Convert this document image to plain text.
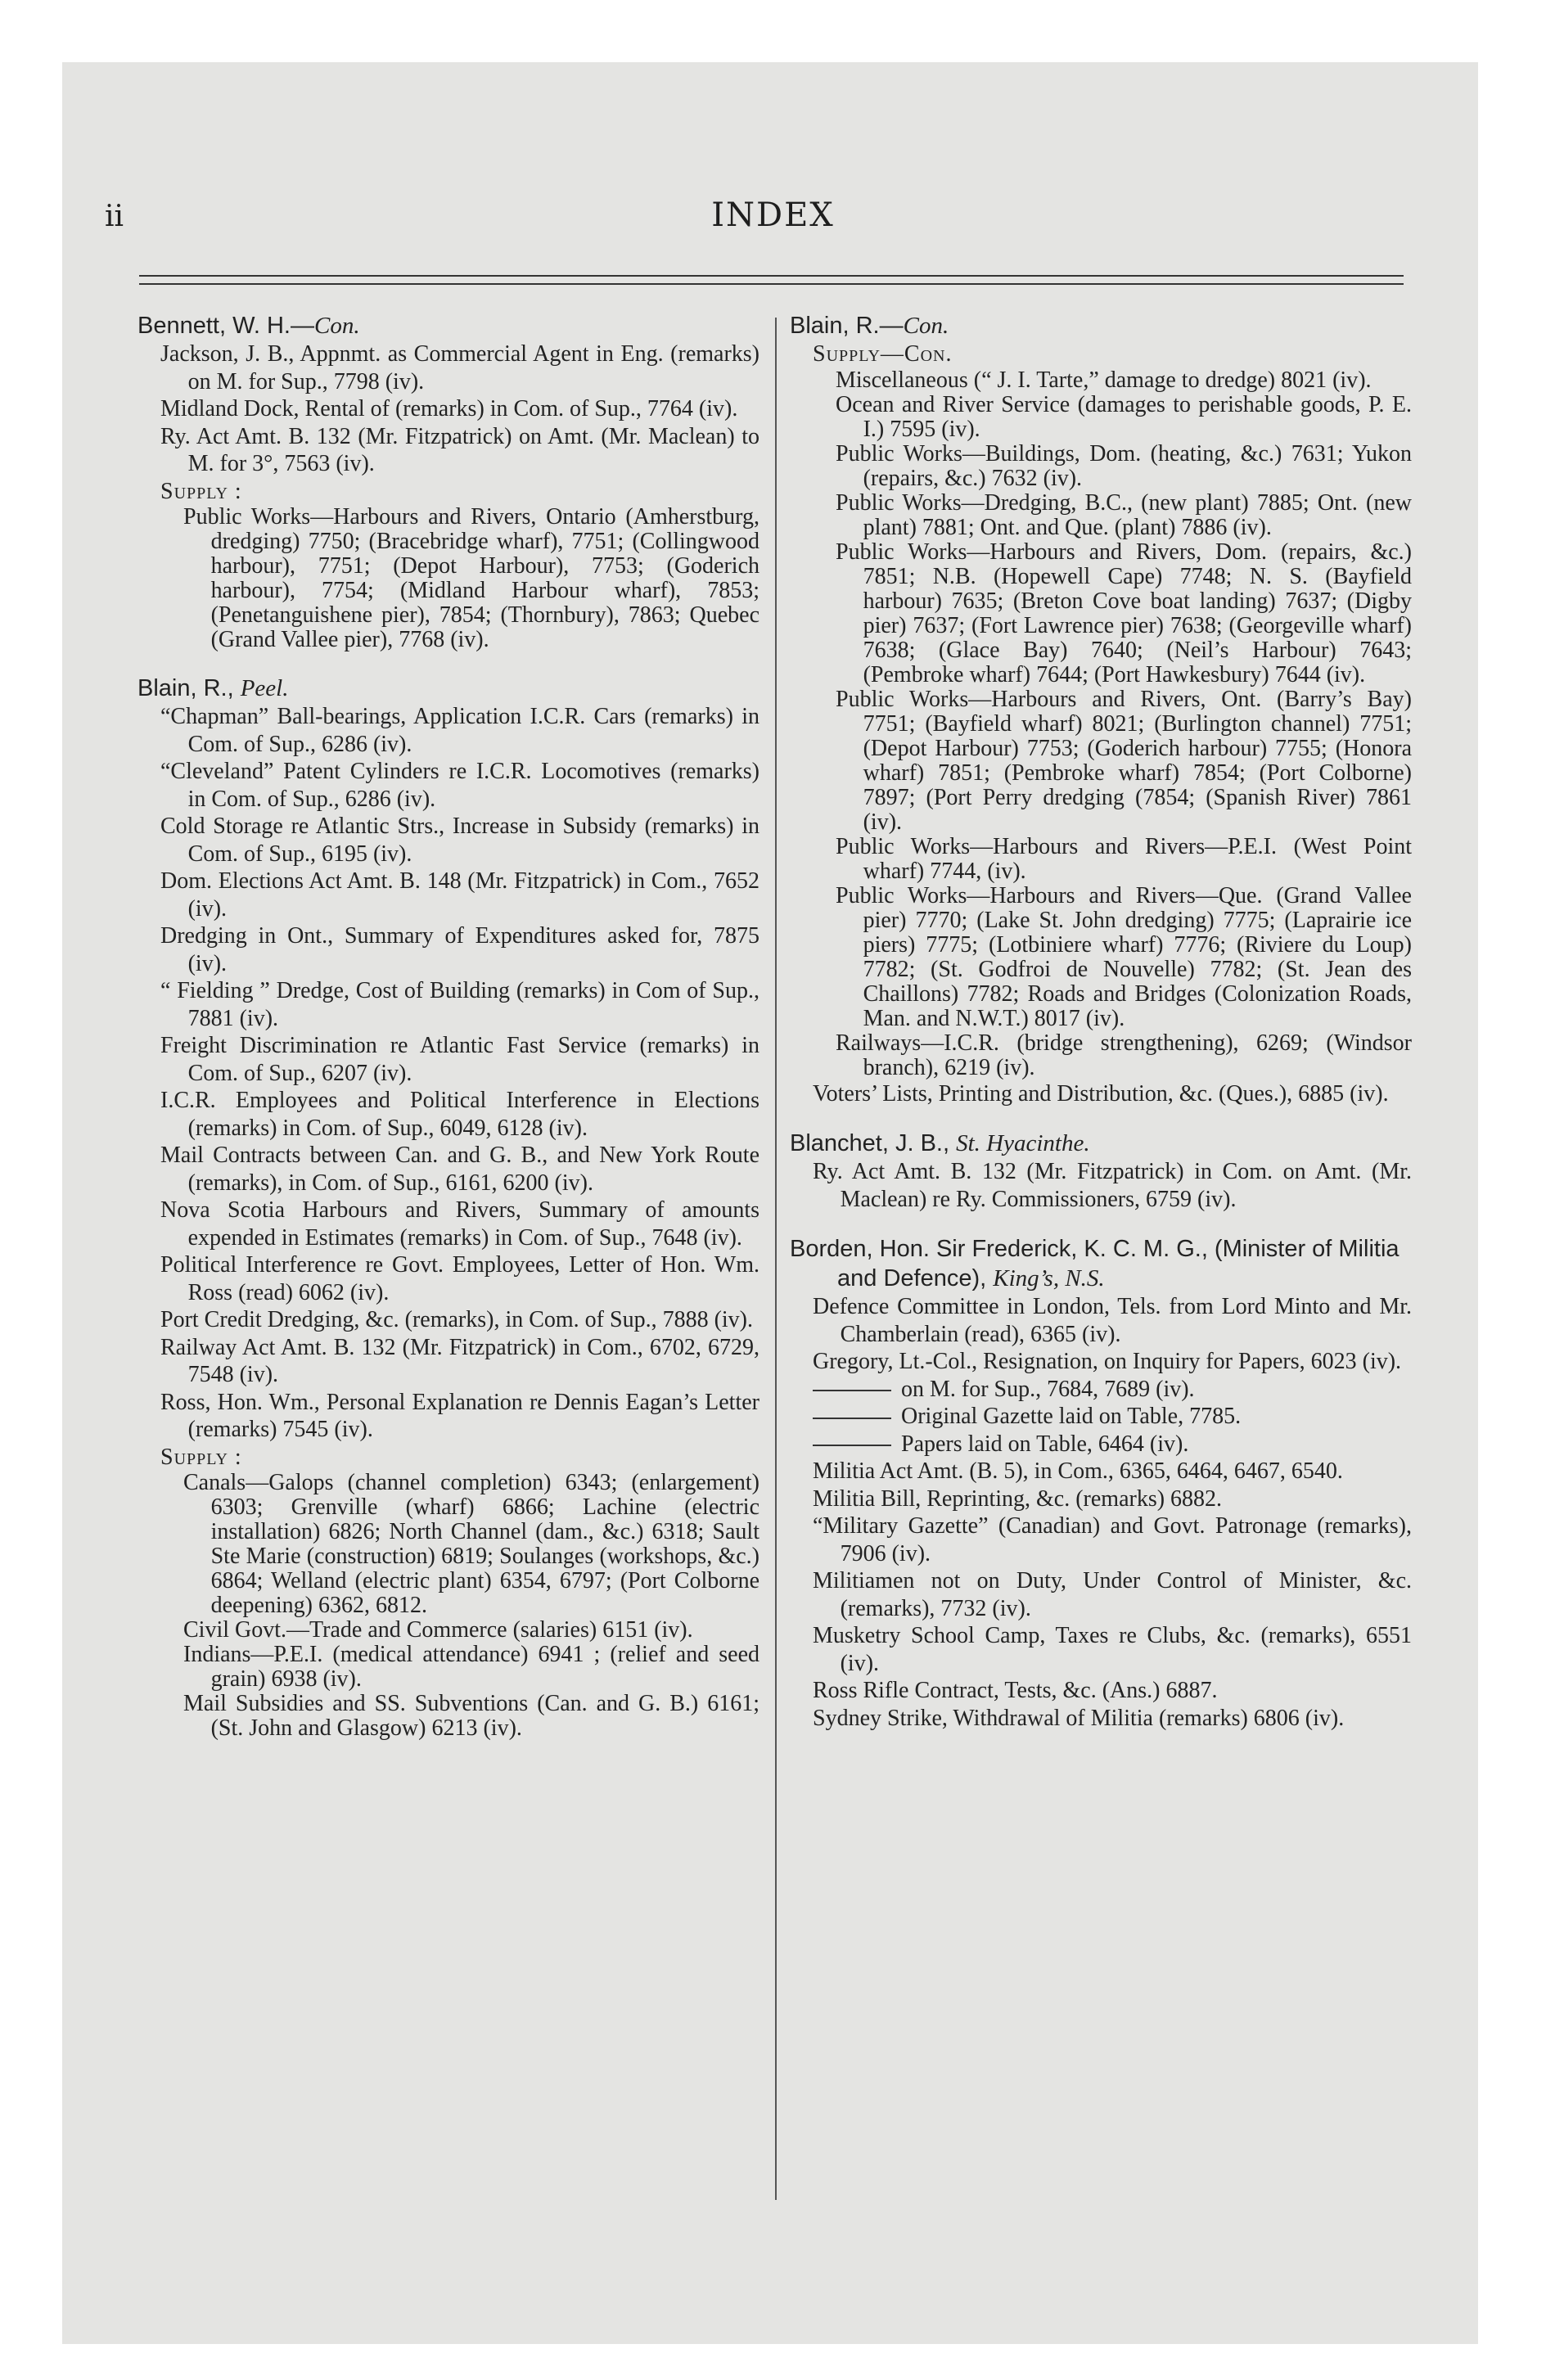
ii	INDEX
Bennett, W. H.—Con.
Jackson, J. B., Appnmt. as Commercial Agent in Eng. (remarks) on M. for Sup., 7798 (iv).
Midland Dock, Rental of (remarks) in Com. of Sup., 7764 (iv).
Ry. Act Amt. B. 132 (Mr. Fitzpatrick) on Amt. (Mr. Maclean) to M. for 3°, 7563 (iv).
Supply :
Public Works—Harbours and Rivers, Ontario (Amherstburg, dredging) 7750; (Bracebridge wharf), 7751; (Collingwood harbour), 7751; (Depot Harbour), 7753; (Goderich harbour), 7754; (Midland Harbour wharf), 7853; (Penetanguishene pier), 7854; (Thornbury), 7863; Quebec (Grand Vallee pier), 7768 (iv).
Blain, R., Peel.
“Chapman” Ball-bearings, Application I.C.R. Cars (remarks) in Com. of Sup., 6286 (iv).
“Cleveland” Patent Cylinders re I.C.R. Locomotives (remarks) in Com. of Sup., 6286 (iv).
Cold Storage re Atlantic Strs., Increase in Subsidy (remarks) in Com. of Sup., 6195 (iv).
Dom. Elections Act Amt. B. 148 (Mr. Fitzpatrick) in Com., 7652 (iv).
Dredging in Ont., Summary of Expenditures asked for, 7875 (iv).
“ Fielding ” Dredge, Cost of Building (remarks) in Com of Sup., 7881 (iv).
Freight Discrimination re Atlantic Fast Service (remarks) in Com. of Sup., 6207 (iv).
I.C.R. Employees and Political Interference in Elections (remarks) in Com. of Sup., 6049, 6128 (iv).
Mail Contracts between Can. and G. B., and New York Route (remarks), in Com. of Sup., 6161, 6200 (iv).
Nova Scotia Harbours and Rivers, Summary of amounts expended in Estimates (remarks) in Com. of Sup., 7648 (iv).
Political Interference re Govt. Employees, Letter of Hon. Wm. Ross (read) 6062 (iv).
Port Credit Dredging, &c. (remarks), in Com. of Sup., 7888 (iv).
Railway Act Amt. B. 132 (Mr. Fitzpatrick) in Com., 6702, 6729, 7548 (iv).
Ross, Hon. Wm., Personal Explanation re Dennis Eagan’s Letter (remarks) 7545 (iv).
Supply :
Canals—Galops (channel completion) 6343; (enlargement) 6303; Grenville (wharf) 6866; Lachine (electric installation) 6826; North Channel (dam., &c.) 6318; Sault Ste Marie (construction) 6819; Soulanges (workshops, &c.) 6864; Welland (electric plant) 6354, 6797; (Port Colborne deepening) 6362, 6812.
Civil Govt.—Trade and Commerce (salaries) 6151 (iv).
Indians—P.E.I. (medical attendance) 6941 ; (relief and seed grain) 6938 (iv).
Mail Subsidies and SS. Subventions (Can. and G. B.) 6161; (St. John and Glasgow) 6213 (iv).
Blain, R.—Con.
Supply—Con.
Miscellaneous (“ J. I. Tarte,” damage to dredge) 8021 (iv).
Ocean and River Service (damages to perishable goods, P. E. I.) 7595 (iv).
Public Works—Buildings, Dom. (heating, &c.) 7631; Yukon (repairs, &c.) 7632 (iv).
Public Works—Dredging, B.C., (new plant) 7885; Ont. (new plant) 7881; Ont. and Que. (plant) 7886 (iv).
Public Works—Harbours and Rivers, Dom. (repairs, &c.) 7851; N.B. (Hopewell Cape) 7748; N. S. (Bayfield harbour) 7635; (Breton Cove boat landing) 7637; (Digby pier) 7637; (Fort Lawrence pier) 7638; (Georgeville wharf) 7638; (Glace Bay) 7640; (Neil’s Harbour) 7643; (Pembroke wharf) 7644; (Port Hawkesbury) 7644 (iv).
Public Works—Harbours and Rivers, Ont. (Barry’s Bay) 7751; (Bayfield wharf) 8021; (Burlington channel) 7751; (Depot Harbour) 7753; (Goderich harbour) 7755; (Honora wharf) 7851; (Pembroke wharf) 7854; (Port Colborne) 7897; (Port Perry dredging (7854; (Spanish River) 7861 (iv).
Public Works—Harbours and Rivers—P.E.I. (West Point wharf) 7744, (iv).
Public Works—Harbours and Rivers—Que. (Grand Vallee pier) 7770; (Lake St. John dredging) 7775; (Laprairie ice piers) 7775; (Lotbiniere wharf) 7776; (Riviere du Loup) 7782; (St. Godfroi de Nouvelle) 7782; (St. Jean des Chaillons) 7782; Roads and Bridges (Colonization Roads, Man. and N.W.T.) 8017 (iv).
Railways—I.C.R. (bridge strengthening), 6269; (Windsor branch), 6219 (iv).
Voters’ Lists, Printing and Distribution, &c. (Ques.), 6885 (iv).
Blanchet, J. B., St. Hyacinthe.
Ry. Act Amt. B. 132 (Mr. Fitzpatrick) in Com. on Amt. (Mr. Maclean) re Ry. Commissioners, 6759 (iv).
Borden, Hon. Sir Frederick, K. C. M. G., (Minister of Militia and Defence), King’s, N.S.
Defence Committee in London, Tels. from Lord Minto and Mr. Chamberlain (read), 6365 (iv).
Gregory, Lt.-Col., Resignation, on Inquiry for Papers, 6023 (iv).
on M. for Sup., 7684, 7689 (iv).
Original Gazette laid on Table, 7785.
Papers laid on Table, 6464 (iv).
Militia Act Amt. (B. 5), in Com., 6365, 6464, 6467, 6540.
Militia Bill, Reprinting, &c. (remarks) 6882.
“Military Gazette” (Canadian) and Govt. Patronage (remarks), 7906 (iv).
Militiamen not on Duty, Under Control of Minister, &c. (remarks), 7732 (iv).
Musketry School Camp, Taxes re Clubs, &c. (remarks), 6551 (iv).
Ross Rifle Contract, Tests, &c. (Ans.) 6887.
Sydney Strike, Withdrawal of Militia (remarks) 6806 (iv).
